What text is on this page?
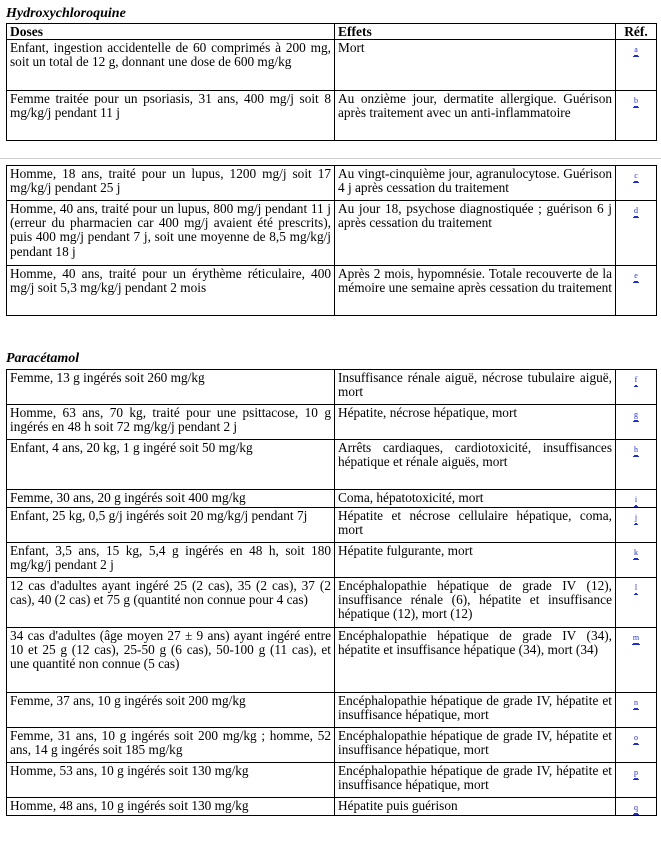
Hydroxychloroquine
Doses	Effets	Réf.
Enfant, ingestion accidentelle de 60 comprimés à 200 mg, soit un total de 12 g, donnant une dose de 600 mg/kg	Mort	a
Femme traitée pour un psoriasis, 31 ans, 400 mg/j soit 8 mg/kg/j pendant 11 j	Au onzième jour, dermatite allergique. Guérison après traitement avec un anti-inflammatoire	b
Homme, 18 ans, traité pour un lupus, 1200 mg/j soit 17 mg/kg/j pendant 25 j	Au vingt-cinquième jour, agranulocytose. Guérison 4 j après cessation du traitement	c
Homme, 40 ans, traité pour un lupus, 800 mg/j pendant 11 j (erreur du pharmacien car 400 mg/j avaient été prescrits), puis 400 mg/j pendant 7 j, soit une moyenne de 8,5 mg/kg/j pendant 18 j	Au jour 18, psychose diagnostiquée ; guérison 6 j après cessation du traitement	d
Homme, 40 ans, traité pour un érythème réticulaire, 400 mg/j soit 5,3 mg/kg/j pendant 2 mois	Après 2 mois, hypomnésie. Totale recouverte de la mémoire une semaine après cessation du traitement	e
Paracétamol
Femme, 13 g ingérés soit 260 mg/kg	Insuffisance rénale aiguë, nécrose tubulaire aiguë, mort	f
Homme, 63 ans, 70 kg, traité pour une psittacose, 10 g ingérés en 48 h soit 72 mg/kg/j pendant 2 j	Hépatite, nécrose hépatique, mort	g
Enfant, 4 ans, 20 kg, 1 g ingéré soit 50 mg/kg	Arrêts cardiaques, cardiotoxicité, insuffisances hépatique et rénale aiguës, mort	h
Femme, 30 ans, 20 g ingérés soit 400 mg/kg	Coma, hépatotoxicité, mort	i
Enfant, 25 kg, 0,5 g/j ingérés soit 20 mg/kg/j pendant 7j	Hépatite et nécrose cellulaire hépatique, coma, mort	j
Enfant, 3,5 ans, 15 kg, 5,4 g ingérés en 48 h, soit 180 mg/kg/j pendant 2 j	Hépatite fulgurante, mort	k
12 cas d'adultes ayant ingéré 25 (2 cas), 35 (2 cas), 37 (2 cas), 40 (2 cas) et 75 g (quantité non connue pour 4 cas)	Encéphalopathie hépatique de grade IV (12), insuffisance rénale (6), hépatite et insuffisance hépatique (12), mort (12)	l
34 cas d'adultes (âge moyen 27 ± 9 ans) ayant ingéré entre 10 et 25 g (12 cas), 25-50 g (6 cas), 50-100 g (11 cas), et une quantité non connue (5 cas)	Encéphalopathie hépatique de grade IV (34), hépatite et insuffisance hépatique (34), mort (34)	m
Femme, 37 ans, 10 g ingérés soit 200 mg/kg	Encéphalopathie hépatique de grade IV, hépatite et insuffisance hépatique, mort	n
Femme, 31 ans, 10 g ingérés soit 200 mg/kg ; homme, 52 ans, 14 g ingérés soit 185 mg/kg	Encéphalopathie hépatique de grade IV, hépatite et insuffisance hépatique, mort	o
Homme, 53 ans, 10 g ingérés soit 130 mg/kg	Encéphalopathie hépatique de grade IV, hépatite et insuffisance hépatique, mort	p
Homme, 48 ans, 10 g ingérés soit 130 mg/kg	Hépatite puis guérison	q
